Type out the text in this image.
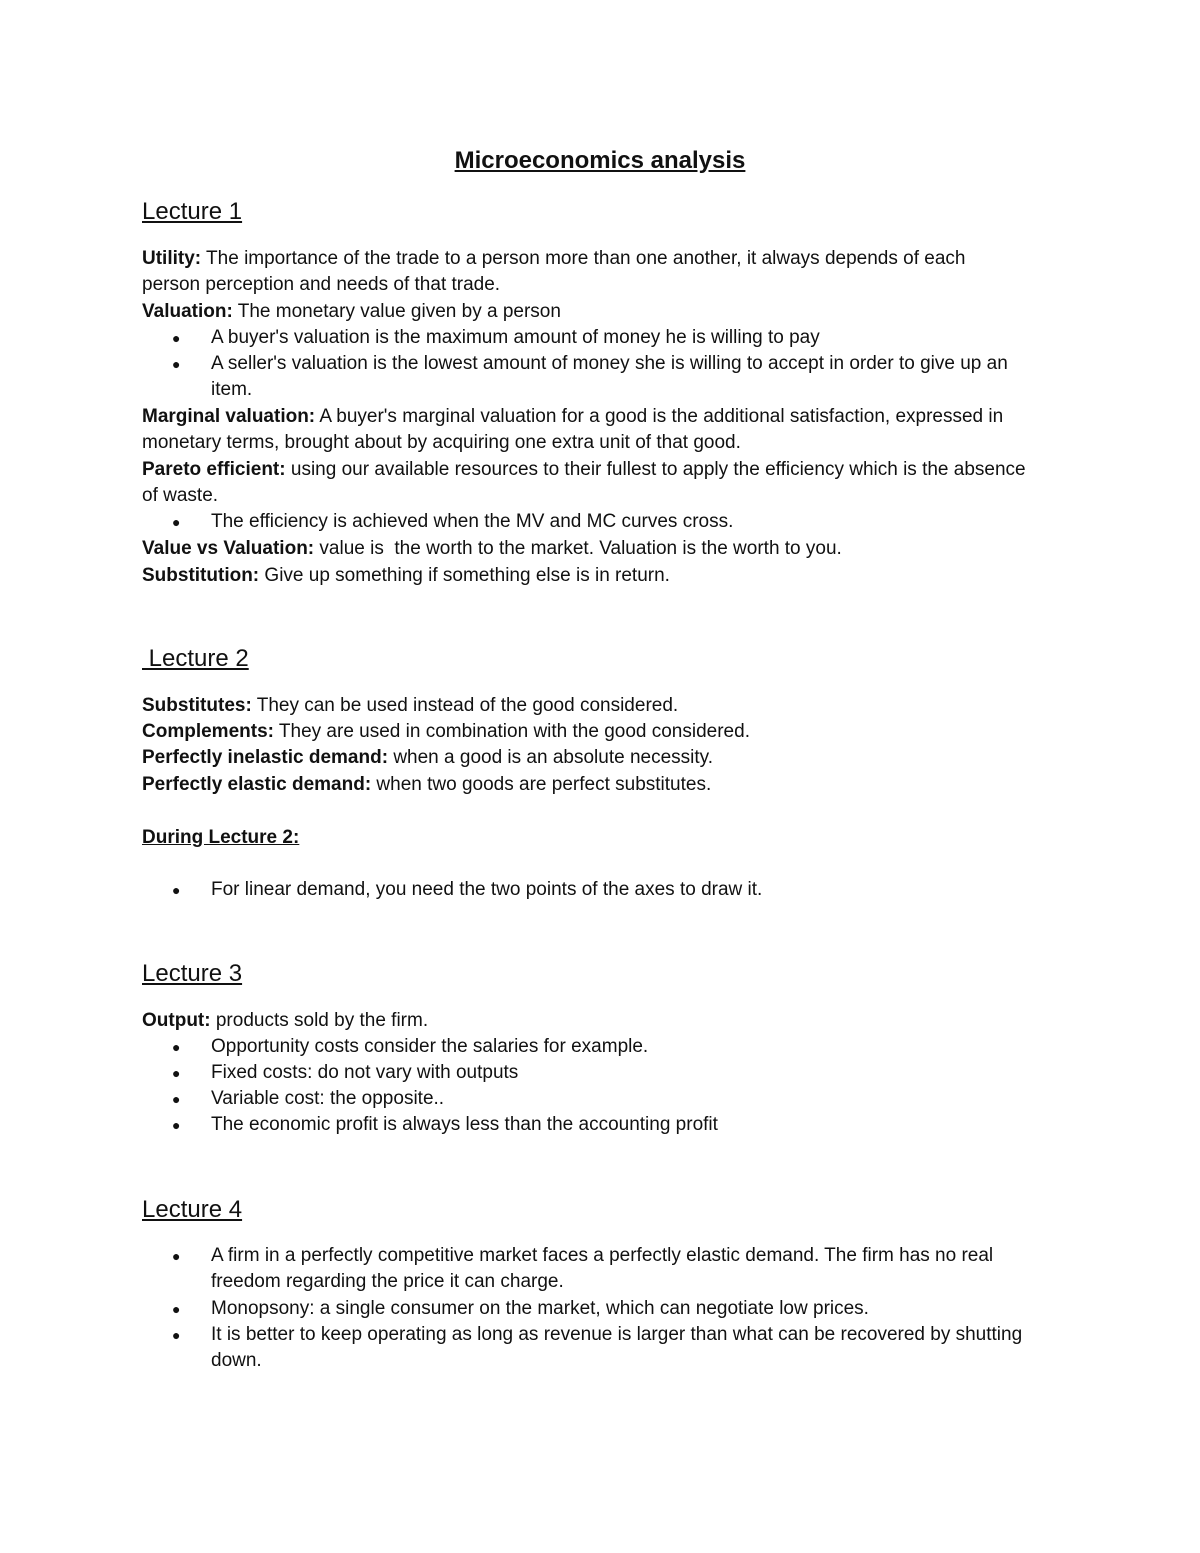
Microeconomics analysis
Lecture 1
Utility: The importance of the trade to a person more than one another, it always depends of each
person perception and needs of that trade.
Valuation: The monetary value given by a person
● A buyer's valuation is the maximum amount of money he is willing to pay
● A seller's valuation is the lowest amount of money she is willing to accept in order to give up an
item.
Marginal valuation: A buyer's marginal valuation for a good is the additional satisfaction, expressed in
monetary terms, brought about by acquiring one extra unit of that good.
Pareto efficient: using our available resources to their fullest to apply the efficiency which is the absence
of waste.
● The efficiency is achieved when the MV and MC curves cross.
Value vs Valuation: value is  the worth to the market. Valuation is the worth to you.
Substitution: Give up something if something else is in return.
Lecture 2
Substitutes: They can be used instead of the good considered.
Complements: They are used in combination with the good considered.
Perfectly inelastic demand: when a good is an absolute necessity.
Perfectly elastic demand: when two goods are perfect substitutes.
During Lecture 2:
● For linear demand, you need the two points of the axes to draw it.
Lecture 3
Output: products sold by the firm.
● Opportunity costs consider the salaries for example.
● Fixed costs: do not vary with outputs
● Variable cost: the opposite..
● The economic profit is always less than the accounting profit
Lecture 4
● A firm in a perfectly competitive market faces a perfectly elastic demand. The firm has no real
freedom regarding the price it can charge.
● Monopsony: a single consumer on the market, which can negotiate low prices.
● It is better to keep operating as long as revenue is larger than what can be recovered by shutting
down.
